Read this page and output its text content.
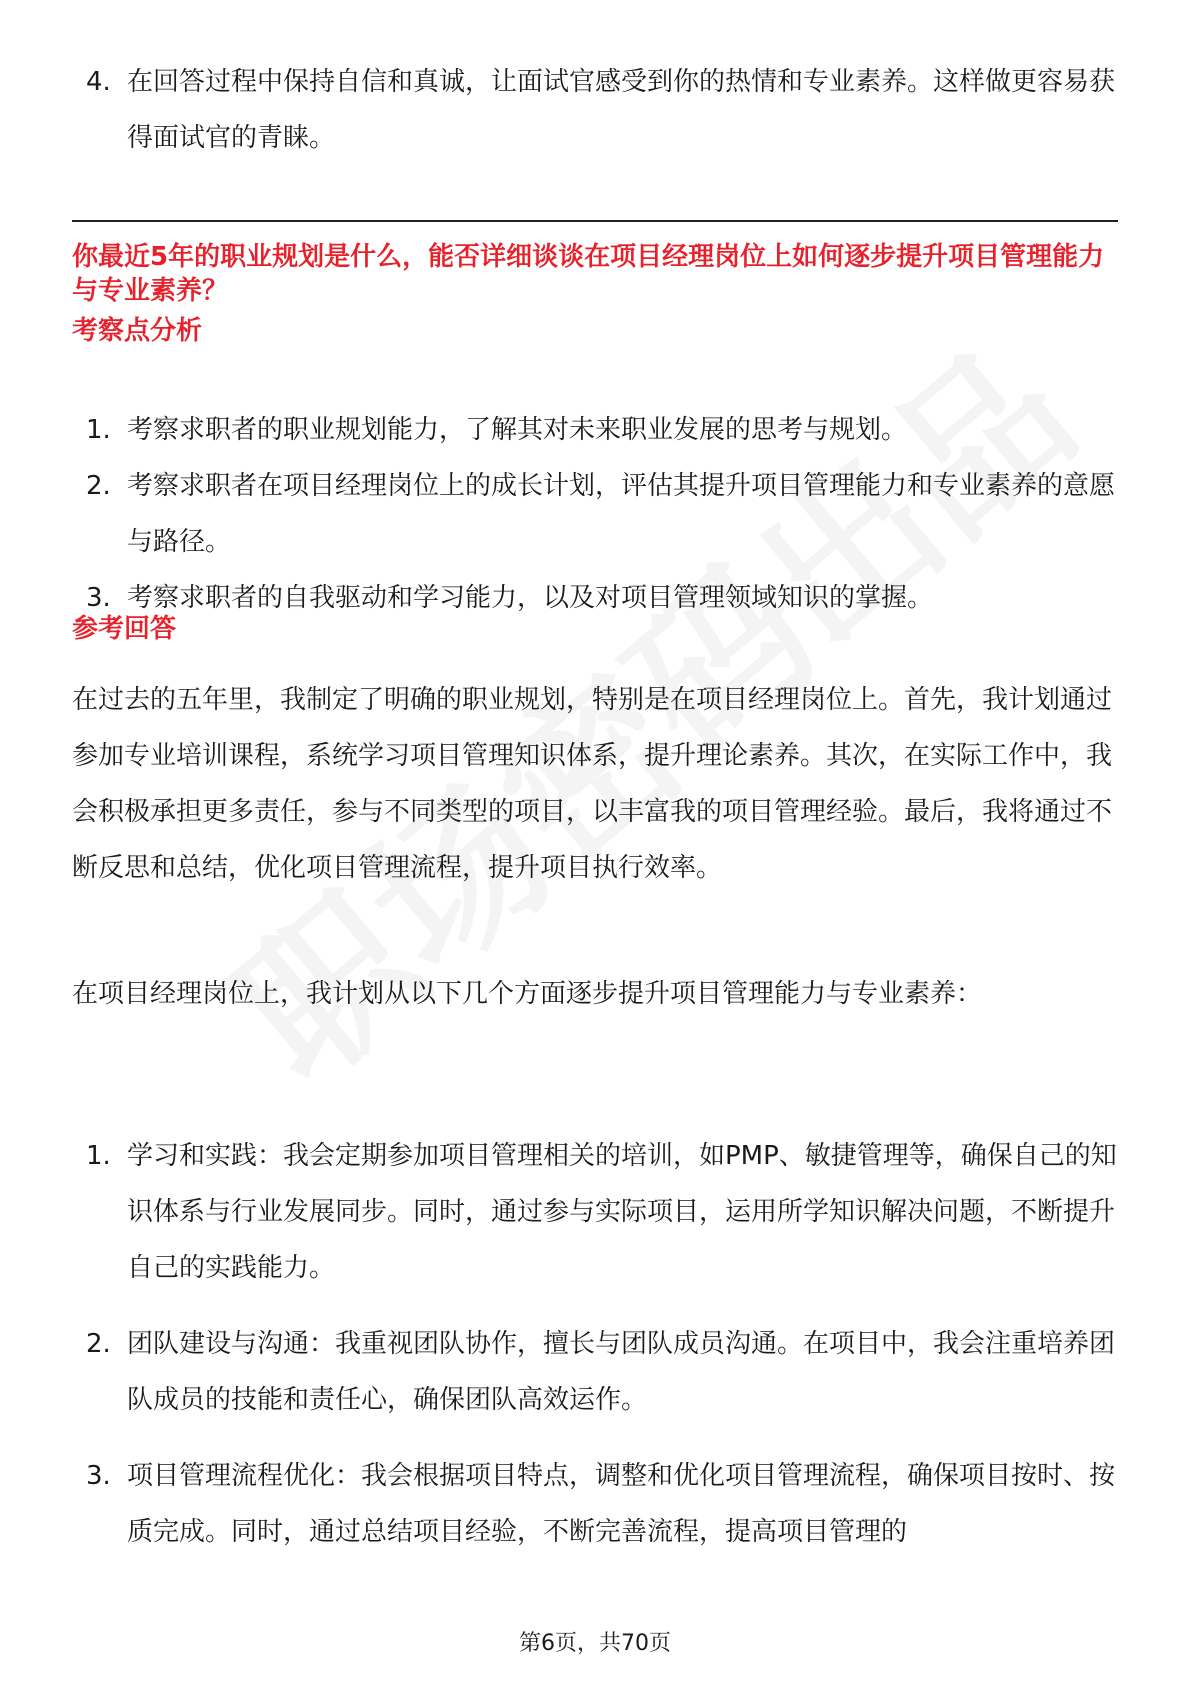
4. 在回答过程中保持自信和真诚，让面试官感受到你的热情和专业素养。这样做更容易获得面试官的青睐。
你最近5年的职业规划是什么，能否详细谈谈在项目经理岗位上如何逐步提升项目管理能力与专业素养？
考察点分析
1. 考察求职者的职业规划能力，了解其对未来职业发展的思考与规划。
2. 考察求职者在项目经理岗位上的成长计划，评估其提升项目管理能力和专业素养的意愿与路径。
3. 考察求职者的自我驱动和学习能力，以及对项目管理领域知识的掌握。
参考回答

在过去的五年里，我制定了明确的职业规划，特别是在项目经理岗位上。首先，我计划通过参加专业培训课程，系统学习项目管理知识体系，提升理论素养。其次，在实际工作中，我会积极承担更多责任，参与不同类型的项目，以丰富我的项目管理经验。最后，我将通过不断反思和总结，优化项目管理流程，提升项目执行效率。

在项目经理岗位上，我计划从以下几个方面逐步提升项目管理能力与专业素养：

1. 学习和实践：我会定期参加项目管理相关的培训，如PMP、敏捷管理等，确保自己的知识体系与行业发展同步。同时，通过参与实际项目，运用所学知识解决问题，不断提升自己的实践能力。
2. 团队建设与沟通：我重视团队协作，擅长与团队成员沟通。在项目中，我会注重培养团队成员的技能和责任心，确保团队高效运作。
3. 项目管理流程优化：我会根据项目特点，调整和优化项目管理流程，确保项目按时、按质完成。同时，通过总结项目经验，不断完善流程，提高项目管理的
第6页，共70页
